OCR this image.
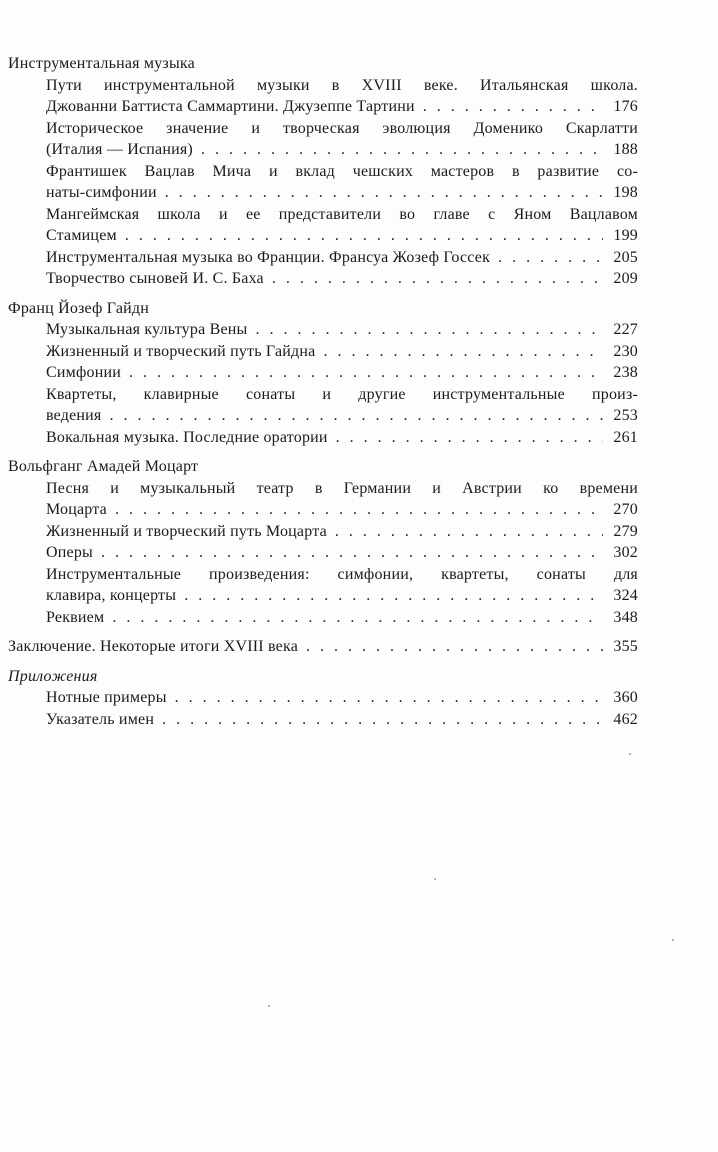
Инструментальная музыка
Пути инструментальной музыки в XVIII веке. Итальянская школа.
Джованни Баттиста Саммартини. Джузеппе Тартини .....	176
Историческое значение и творческая эволюция Доменико Скарлатти
(Италия — Испания) .....	188
Франтишек Вацлав Мича и вклад чешских мастеров в развитие со-
наты-симфонии .....	198
Мангеймская школа и ее представители во главе с Яном Вацлавом
Стамицем .....	199
Инструментальная музыка во Франции. Франсуа Жозеф Госсек .....	205
Творчество сыновей И. С. Баха .....	209
Франц Йозеф Гайдн
Музыкальная культура Вены .....	227
Жизненный и творческий путь Гайдна .....	230
Симфонии .....	238
Квартеты, клавирные сонаты и другие инструментальные произ-
ведения .....	253
Вокальная музыка. Последние оратории .....	261
Вольфганг Амадей Моцарт
Песня и музыкальный театр в Германии и Австрии ко времени
Моцарта .....	270
Жизненный и творческий путь Моцарта .....	279
Оперы .....	302
Инструментальные произведения: симфонии, квартеты, сонаты для
клавира, концерты .....	324
Реквием .....	348
Заключение. Некоторые итоги XVIII века .....	355
Приложения
Нотные примеры .....	360
Указатель имен .....	462
